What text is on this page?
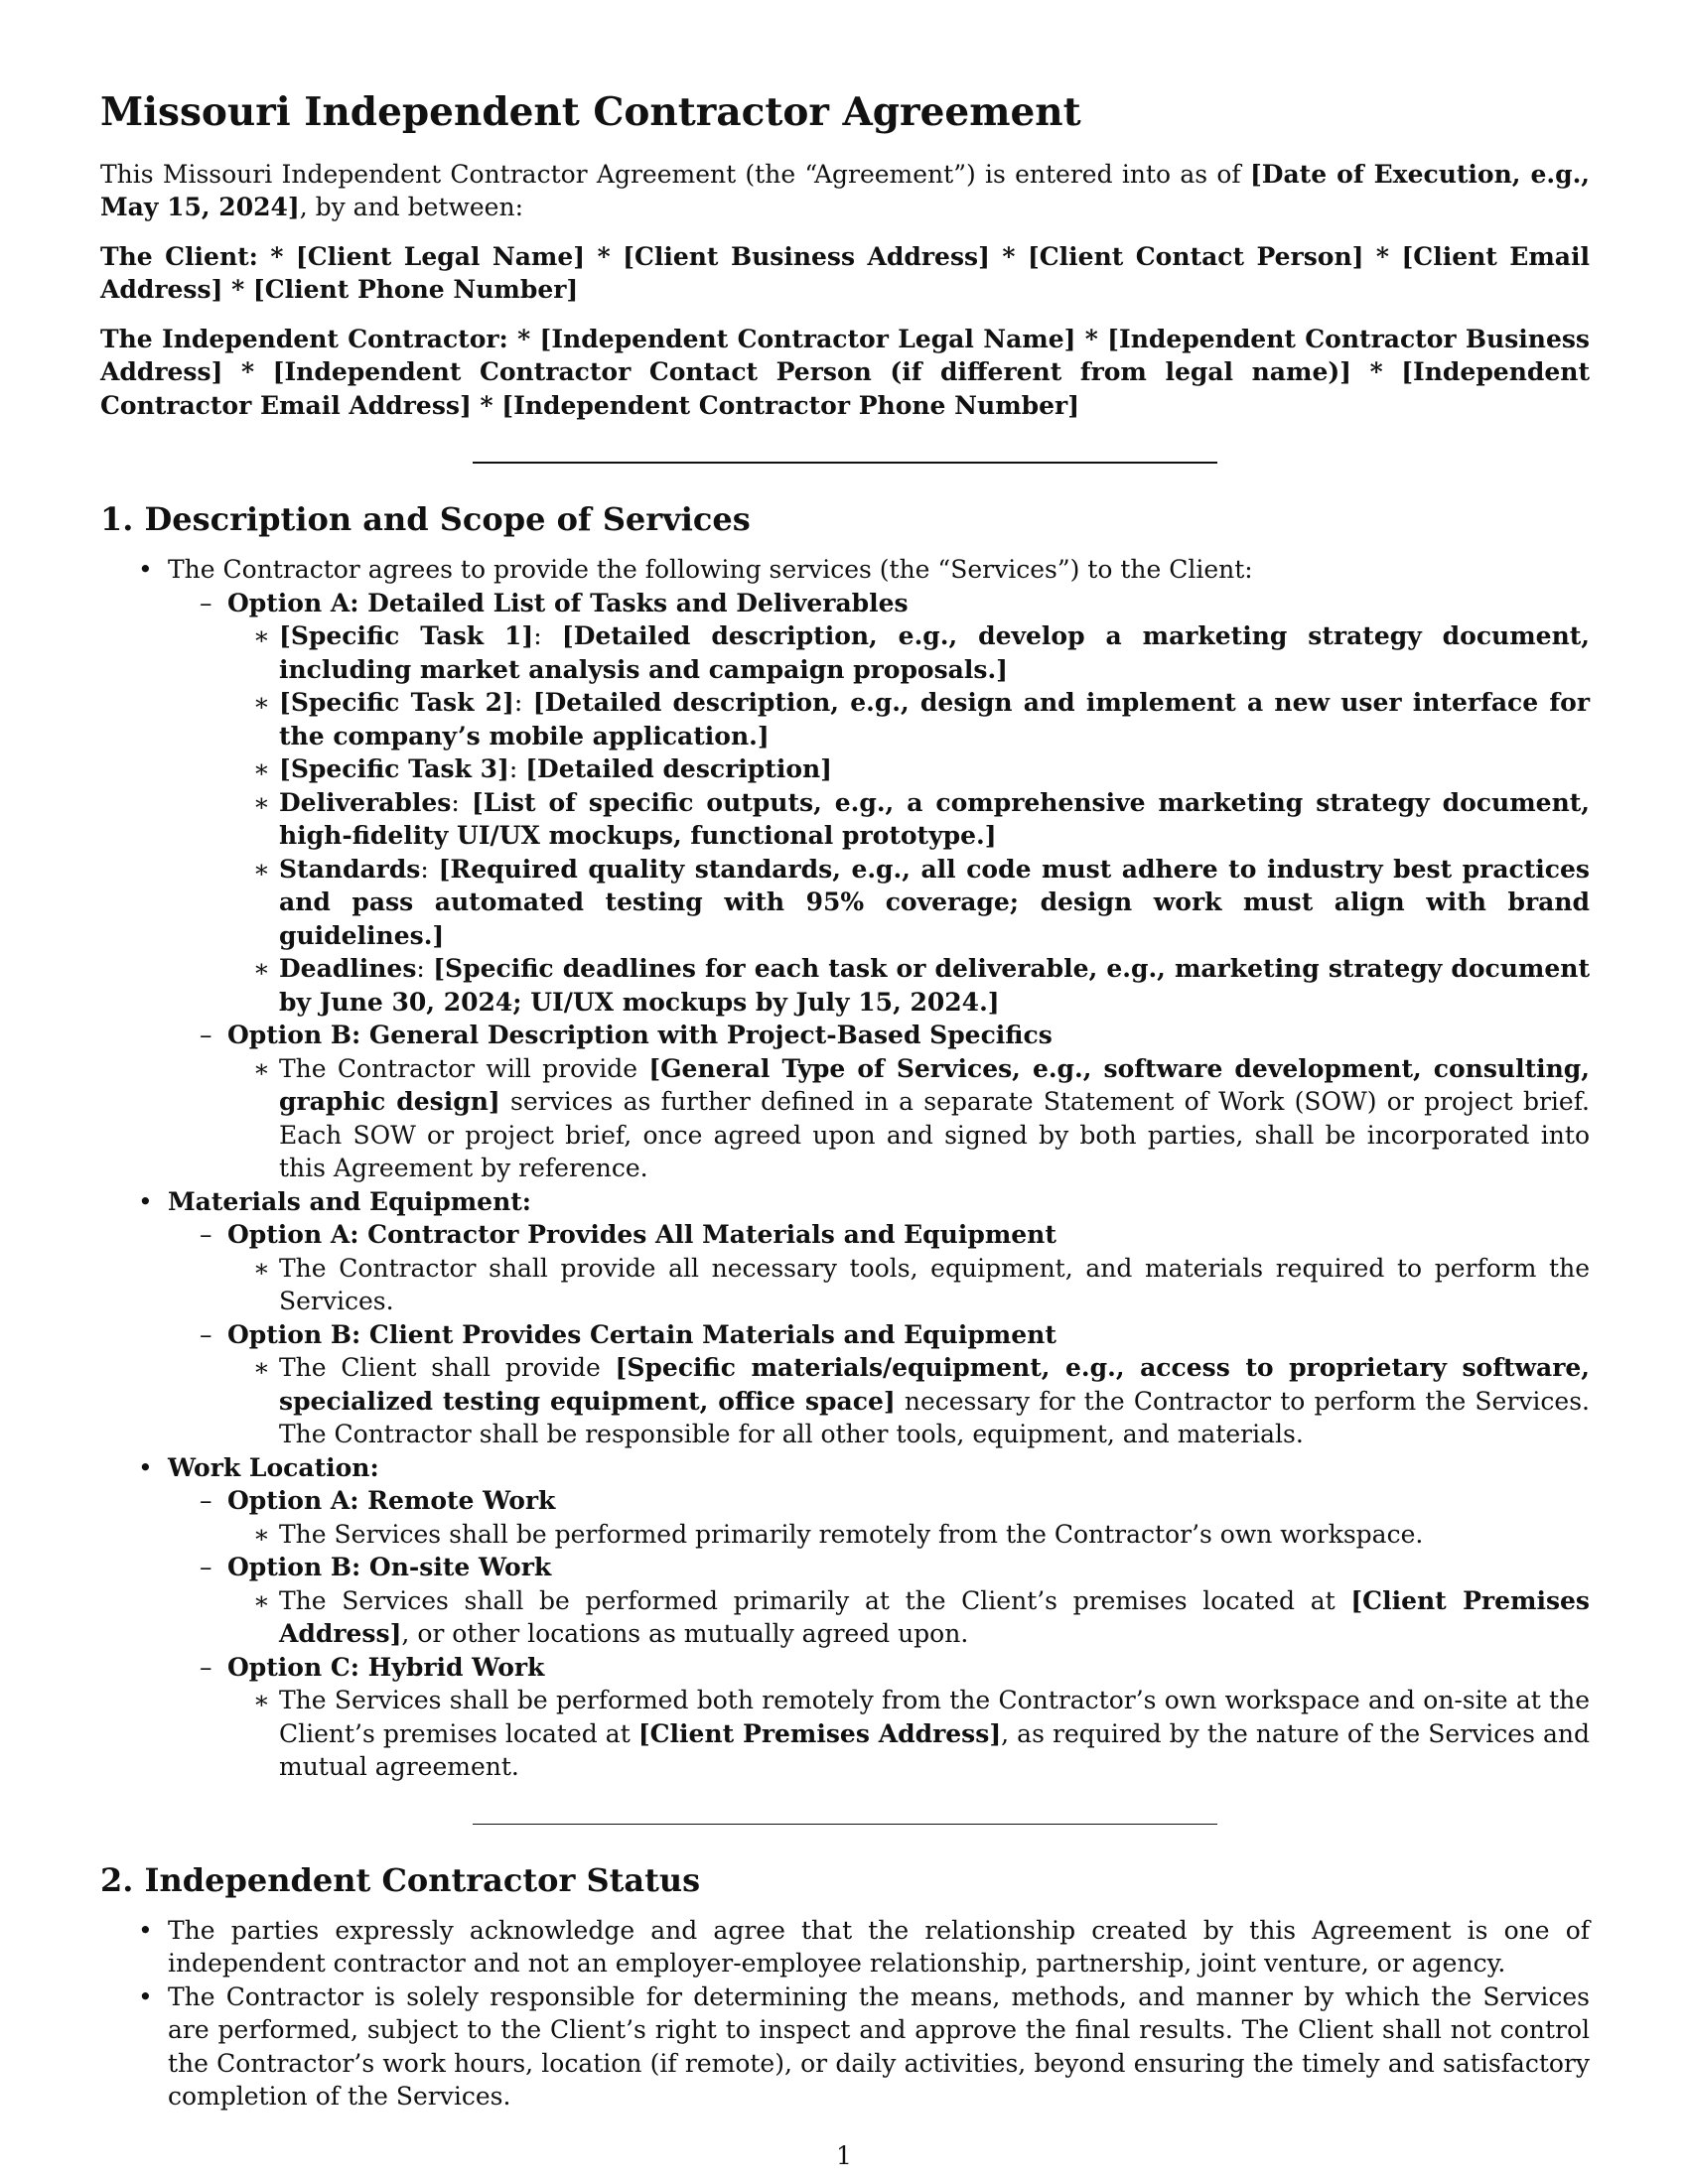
Missouri Independent Contractor Agreement

This Missouri Independent Contractor Agreement (the “Agreement”) is entered into as of [Date of Execution, e.g., May 15, 2024], by and between:

The Client: * [Client Legal Name] * [Client Business Address] * [Client Contact Person] * [Client Email Address] * [Client Phone Number]

The Independent Contractor: * [Independent Contractor Legal Name] * [Independent Contractor Business Address] * [Independent Contractor Contact Person (if different from legal name)] * [Independent Contractor Email Address] * [Independent Contractor Phone Number]

1. Description and Scope of Services
• The Contractor agrees to provide the following services (the “Services”) to the Client:
– Option A: Detailed List of Tasks and Deliverables
∗ [Specific Task 1]: [Detailed description, e.g., develop a marketing strategy document, including market analysis and campaign proposals.]
∗ [Specific Task 2]: [Detailed description, e.g., design and implement a new user interface for the company’s mobile application.]
∗ [Specific Task 3]: [Detailed description]
∗ Deliverables: [List of specific outputs, e.g., a comprehensive marketing strategy document, high-fidelity UI/UX mockups, functional prototype.]
∗ Standards: [Required quality standards, e.g., all code must adhere to industry best practices and pass automated testing with 95% coverage; design work must align with brand guidelines.]
∗ Deadlines: [Specific deadlines for each task or deliverable, e.g., marketing strategy document by June 30, 2024; UI/UX mockups by July 15, 2024.]
– Option B: General Description with Project-Based Specifics
∗ The Contractor will provide [General Type of Services, e.g., software development, consulting, graphic design] services as further defined in a separate Statement of Work (SOW) or project brief. Each SOW or project brief, once agreed upon and signed by both parties, shall be incorporated into this Agreement by reference.
• Materials and Equipment:
– Option A: Contractor Provides All Materials and Equipment
∗ The Contractor shall provide all necessary tools, equipment, and materials required to perform the Services.
– Option B: Client Provides Certain Materials and Equipment
∗ The Client shall provide [Specific materials/equipment, e.g., access to proprietary software, specialized testing equipment, office space] necessary for the Contractor to perform the Services. The Contractor shall be responsible for all other tools, equipment, and materials.
• Work Location:
– Option A: Remote Work
∗ The Services shall be performed primarily remotely from the Contractor’s own workspace.
– Option B: On-site Work
∗ The Services shall be performed primarily at the Client’s premises located at [Client Premises Address], or other locations as mutually agreed upon.
– Option C: Hybrid Work
∗ The Services shall be performed both remotely from the Contractor’s own workspace and on-site at the Client’s premises located at [Client Premises Address], as required by the nature of the Services and mutual agreement.
2. Independent Contractor Status
• The parties expressly acknowledge and agree that the relationship created by this Agreement is one of independent contractor and not an employer-employee relationship, partnership, joint venture, or agency.
• The Contractor is solely responsible for determining the means, methods, and manner by which the Services are performed, subject to the Client’s right to inspect and approve the final results. The Client shall not control the Contractor’s work hours, location (if remote), or daily activities, beyond ensuring the timely and satisfactory completion of the Services.
1
